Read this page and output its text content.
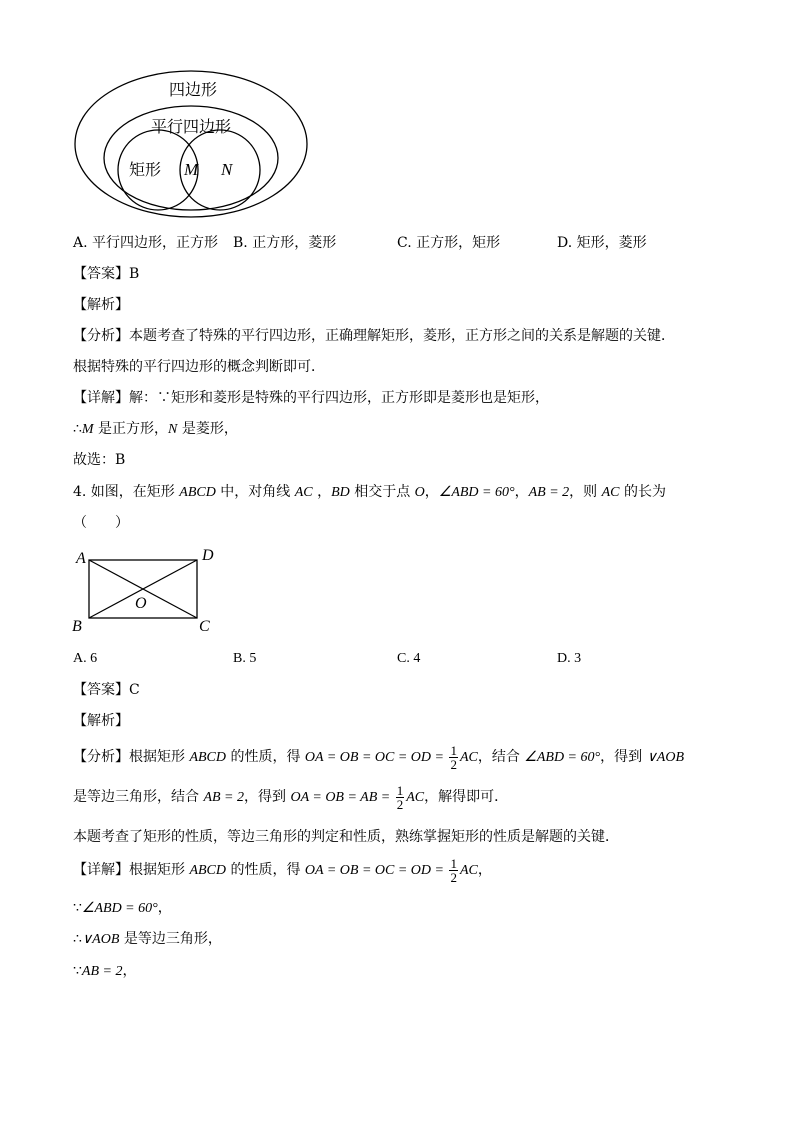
四边形
平行四边形
矩形 M N
A. 平行四边形，正方形 B. 正方形，菱形	C. 正方形，矩形	D. 矩形，菱形
【答案】B
【解析】
【分析】本题考查了特殊的平行四边形，正确理解矩形，菱形，正方形之间的关系是解题的关键．
根据特殊的平行四边形的概念判断即可．
【详解】解：∵矩形和菱形是特殊的平行四边形，正方形即是菱形也是矩形，
∴M 是正方形，N 是菱形，
故选：B
4. 如图，在矩形 ABCD 中，对角线 AC ，BD 相交于点 O，∠ABD = 60°，AB = 2，则 AC 的长为
（　　）
A	D
O
B	C
A. 6	B. 5	C. 4	D. 3
【答案】C
【解析】
【分析】根据矩形 ABCD 的性质，得 OA = OB = OC = OD = $\frac{1}{2}$ AC，结合 ∠ABD = 60°，得到 ∨AOB
是等边三角形，结合 AB = 2，得到 OA = OB = AB = $\frac{1}{2}$ AC，解得即可．
本题考查了矩形的性质，等边三角形的判定和性质，熟练掌握矩形的性质是解题的关键．
【详解】根据矩形 ABCD 的性质，得 OA = OB = OC = OD = $\frac{1}{2}$ AC，
∵∠ABD = 60°，
∴∨AOB 是等边三角形，
∵AB = 2，
